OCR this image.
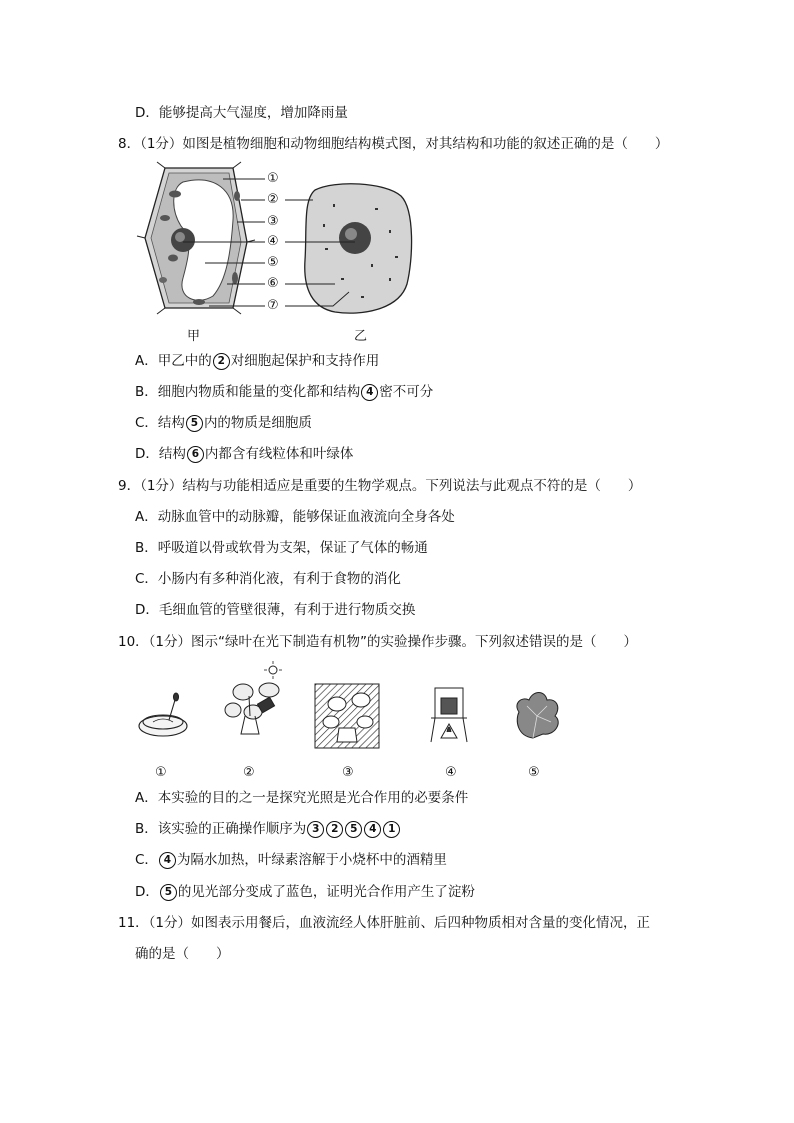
D．能够提高大气湿度，增加降雨量
8．（1分）如图是植物细胞和动物细胞结构模式图，对其结构和功能的叙述正确的是（　　）
①
②
③
④
⑤
⑥
⑦
甲	乙
A．甲乙中的 2 对细胞起保护和支持作用
B．细胞内物质和能量的变化都和结构 4 密不可分
C．结构 5 内的物质是细胞质
D．结构 6 内都含有线粒体和叶绿体
9．（1分）结构与功能相适应是重要的生物学观点。下列说法与此观点不符的是（　　）
A．动脉血管中的动脉瓣，能够保证血液流向全身各处
B．呼吸道以骨或软骨为支架，保证了气体的畅通
C．小肠内有多种消化液，有利于食物的消化
D．毛细血管的管壁很薄，有利于进行物质交换
10．（1分）图示“绿叶在光下制造有机物”的实验操作步骤。下列叙述错误的是（　　）
①	②	③	④	⑤
A．本实验的目的之一是探究光照是光合作用的必要条件
B．该实验的正确操作顺序为 3 2 5 4 1
C． 4 为隔水加热，叶绿素溶解于小烧杯中的酒精里
D． 5 的见光部分变成了蓝色，证明光合作用产生了淀粉
11．（1分）如图表示用餐后，血液流经人体肝脏前、后四种物质相对含量的变化情况，正
确的是（　　）
